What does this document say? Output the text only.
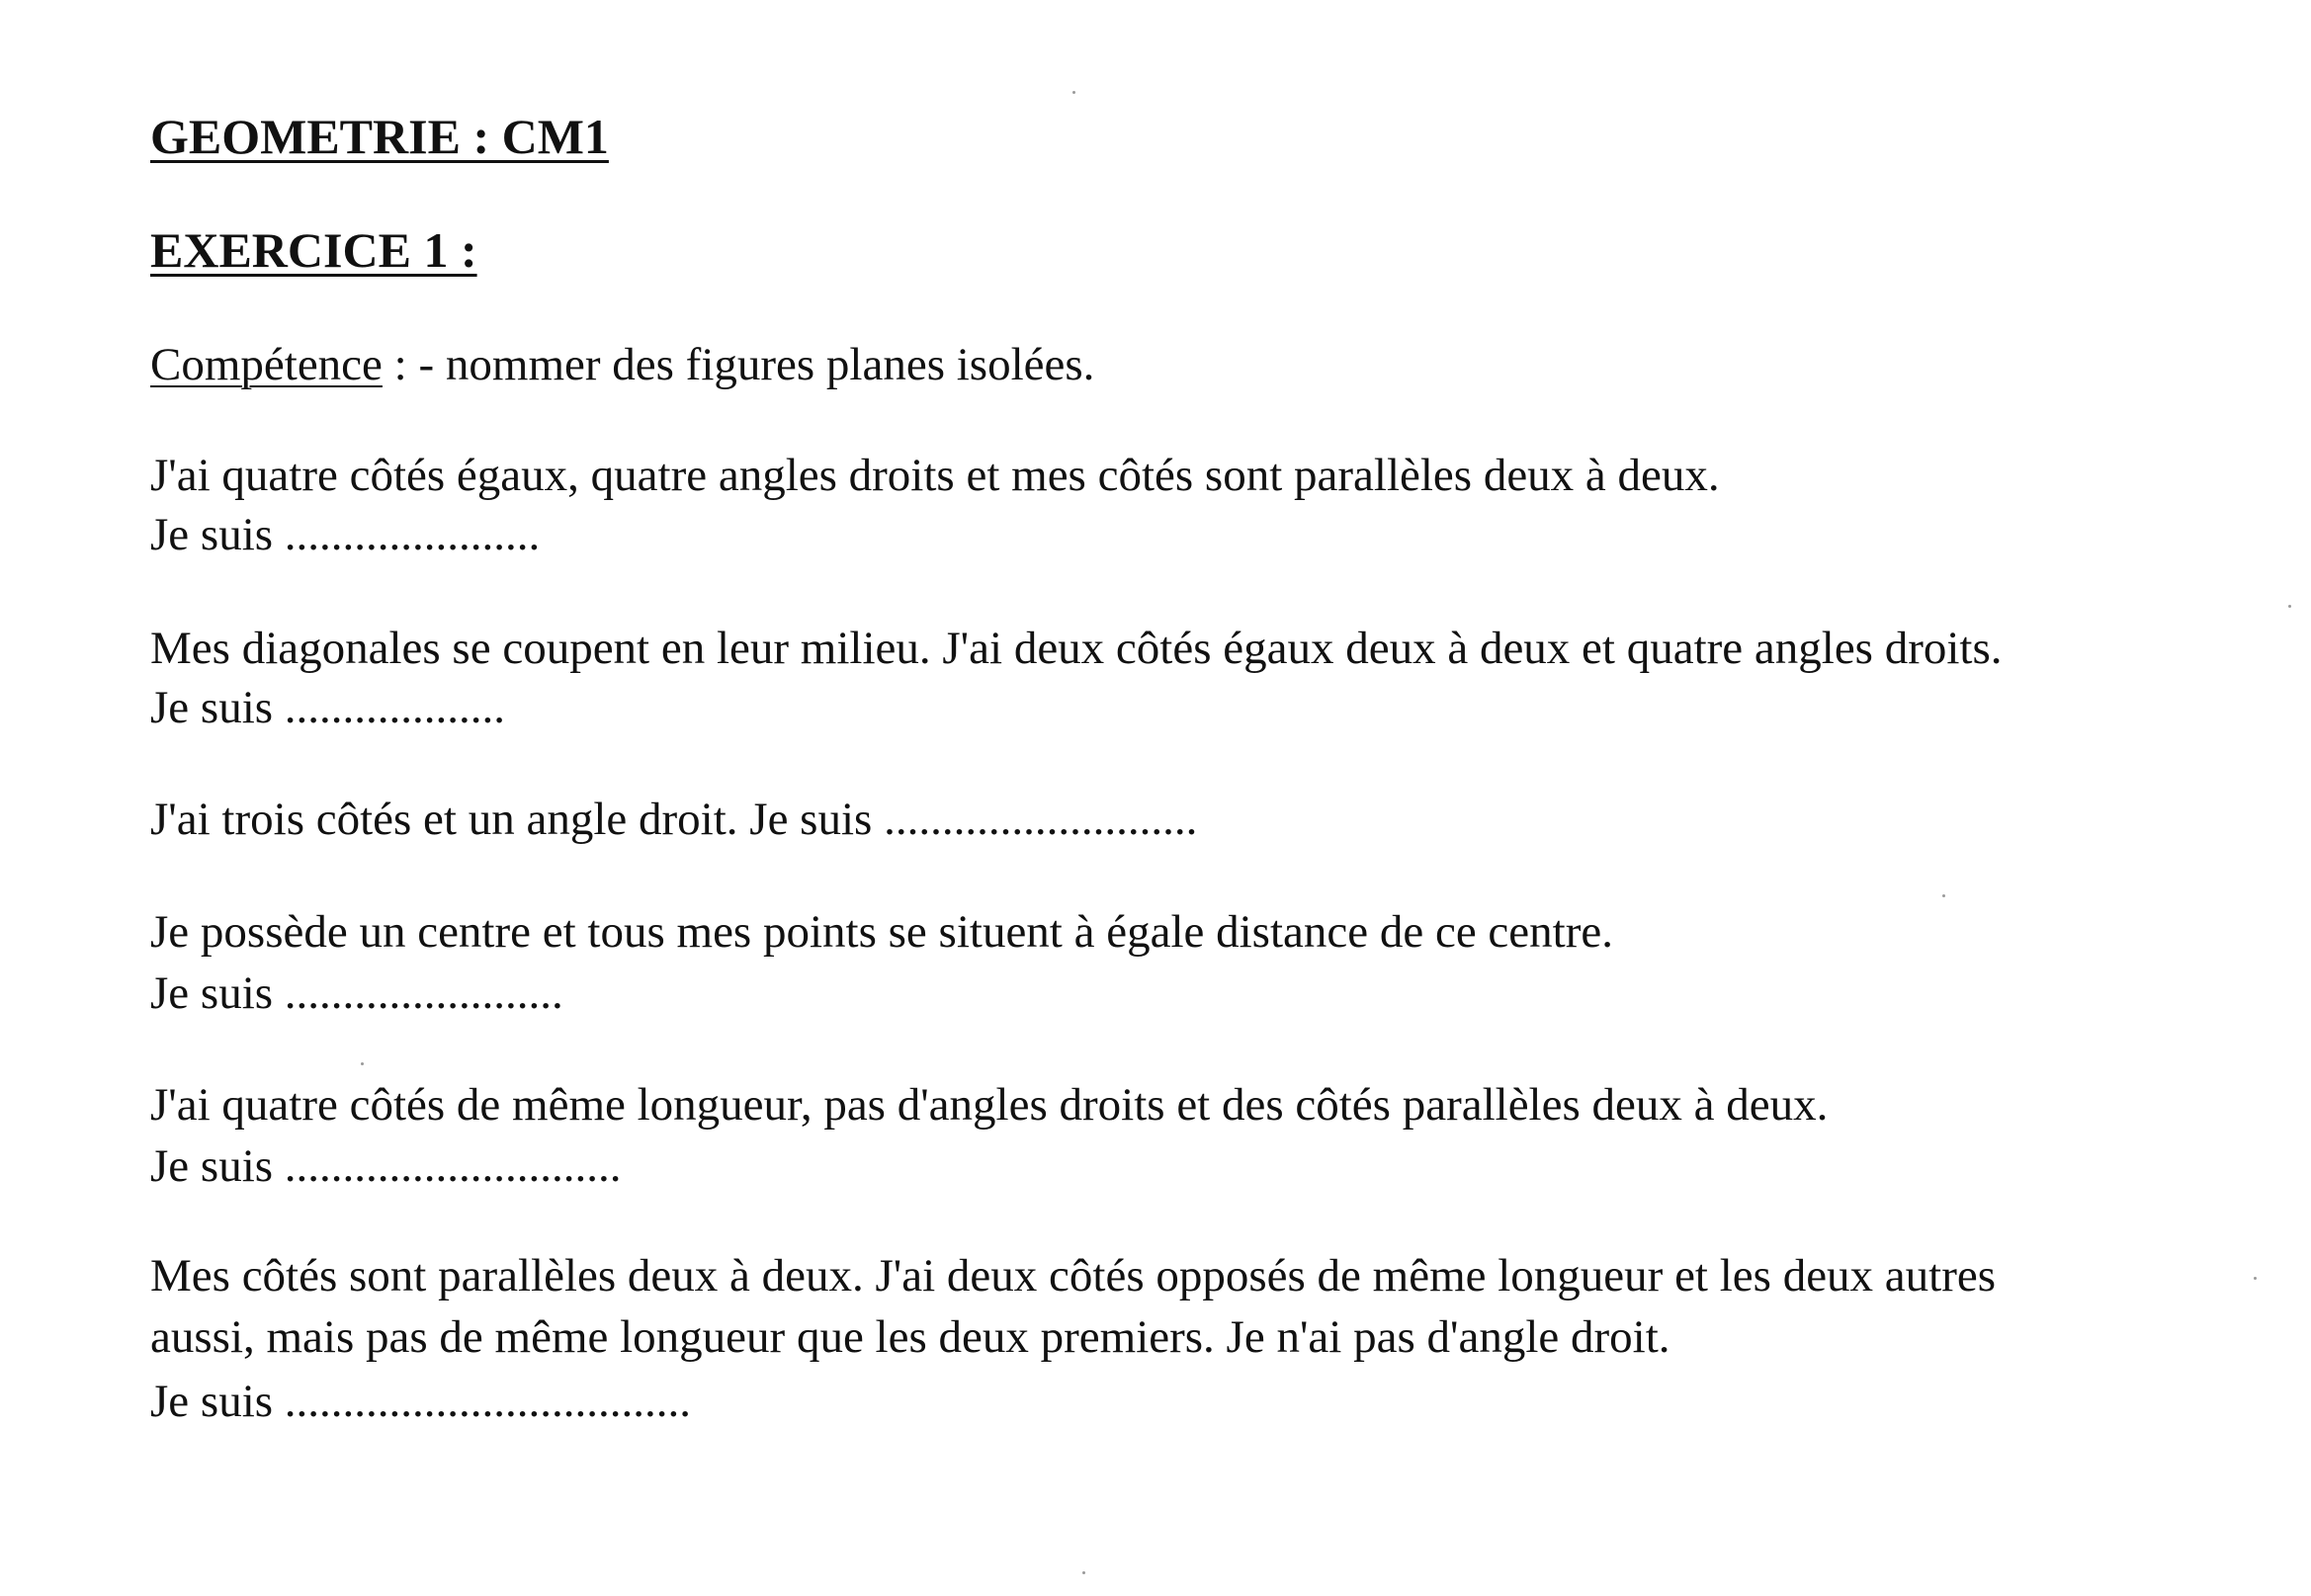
GEOMETRIE : CM1
EXERCICE 1 :
Compétence : - nommer des figures planes isolées.
J'ai quatre côtés égaux, quatre angles droits et mes côtés sont parallèles deux à deux.
Je suis ......................
Mes diagonales se coupent en leur milieu. J'ai deux côtés égaux deux à deux et quatre angles droits.
Je suis ...................
J'ai trois côtés et un angle droit. Je suis ...........................
Je possède un centre et tous mes points se situent à égale distance de ce centre.
Je suis ........................
J'ai quatre côtés de même longueur, pas d'angles droits et des côtés parallèles deux à deux.
Je suis .............................
Mes côtés sont parallèles deux à deux. J'ai deux côtés opposés de même longueur et les deux autres
aussi, mais pas de même longueur que les deux premiers. Je n'ai pas d'angle droit.
Je suis ...................................
